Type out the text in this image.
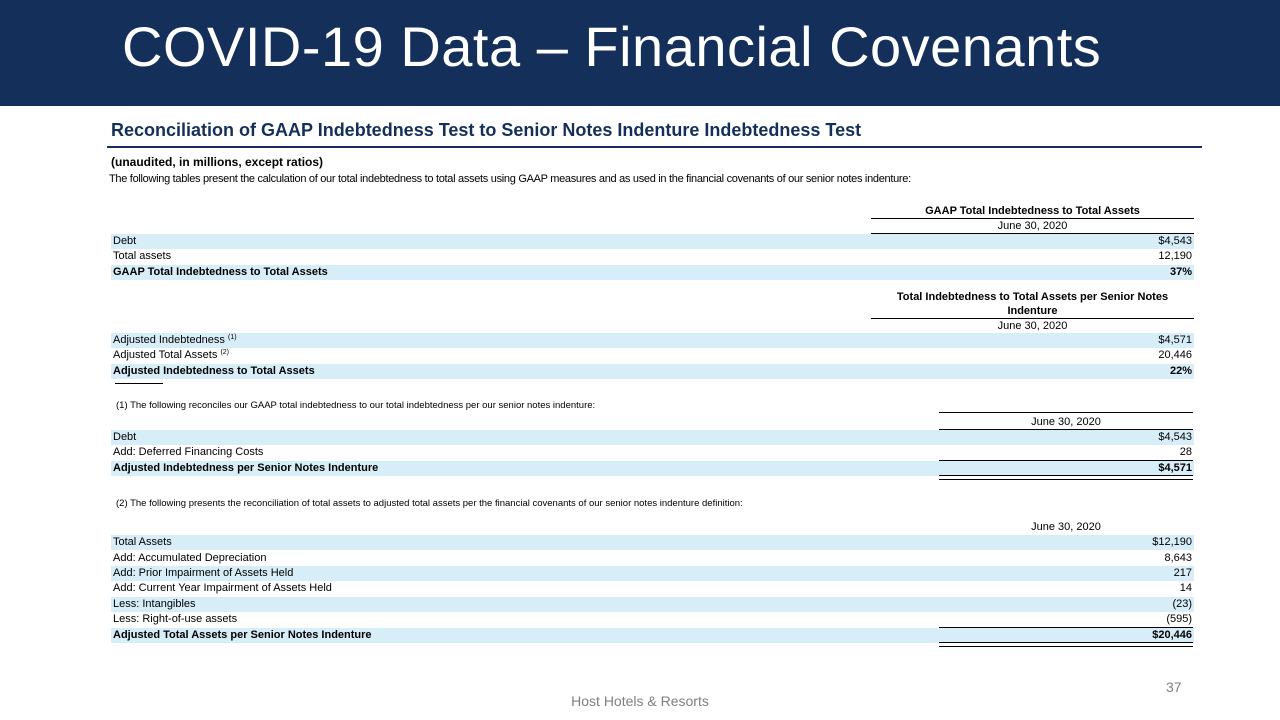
COVID-19 Data – Financial Covenants
Reconciliation of GAAP Indebtedness Test to Senior Notes Indenture Indebtedness Test
(unaudited, in millions, except ratios)
The following tables present the calculation of our total indebtedness to total assets using GAAP measures and as used in the financial covenants of our senior notes indenture:
GAAP Total Indebtedness to Total Assets
June 30, 2020
Debt	$4,543
Total assets	12,190
GAAP Total Indebtedness to Total Assets	37%
Total Indebtedness to Total Assets per Senior Notes Indenture
June 30, 2020
Adjusted Indebtedness $^{(1)}$	$4,571
Adjusted Total Assets $^{(2)}$	20,446
Adjusted Indebtedness to Total Assets	22%
(1) The following reconciles our GAAP total indebtedness to our total indebtedness per our senior notes indenture:
June 30, 2020
Debt	$4,543
Add: Deferred Financing Costs	28
Adjusted Indebtedness per Senior Notes Indenture	$4,571
(2) The following presents the reconciliation of total assets to adjusted total assets per the financial covenants of our senior notes indenture definition:
June 30, 2020
Total Assets	$12,190
Add: Accumulated Depreciation	8,643
Add: Prior Impairment of Assets Held	217
Add: Current Year Impairment of Assets Held	14
Less: Intangibles	(23)
Less: Right-of-use assets	(595)
Adjusted Total Assets per Senior Notes Indenture	$20,446
37
Host Hotels & Resorts
